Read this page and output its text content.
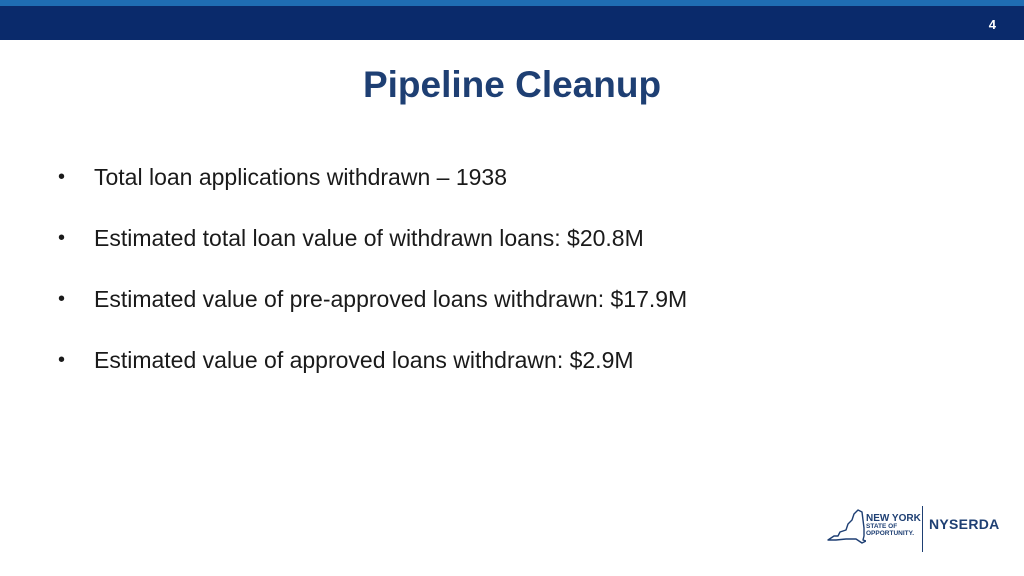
4
Pipeline Cleanup
• Total loan applications withdrawn – 1938
• Estimated total loan value of withdrawn loans: $20.8M
• Estimated value of pre-approved loans withdrawn: $17.9M
• Estimated value of approved loans withdrawn: $2.9M
NEW YORK
STATE OF
OPPORTUNITY.
NYSERDA
